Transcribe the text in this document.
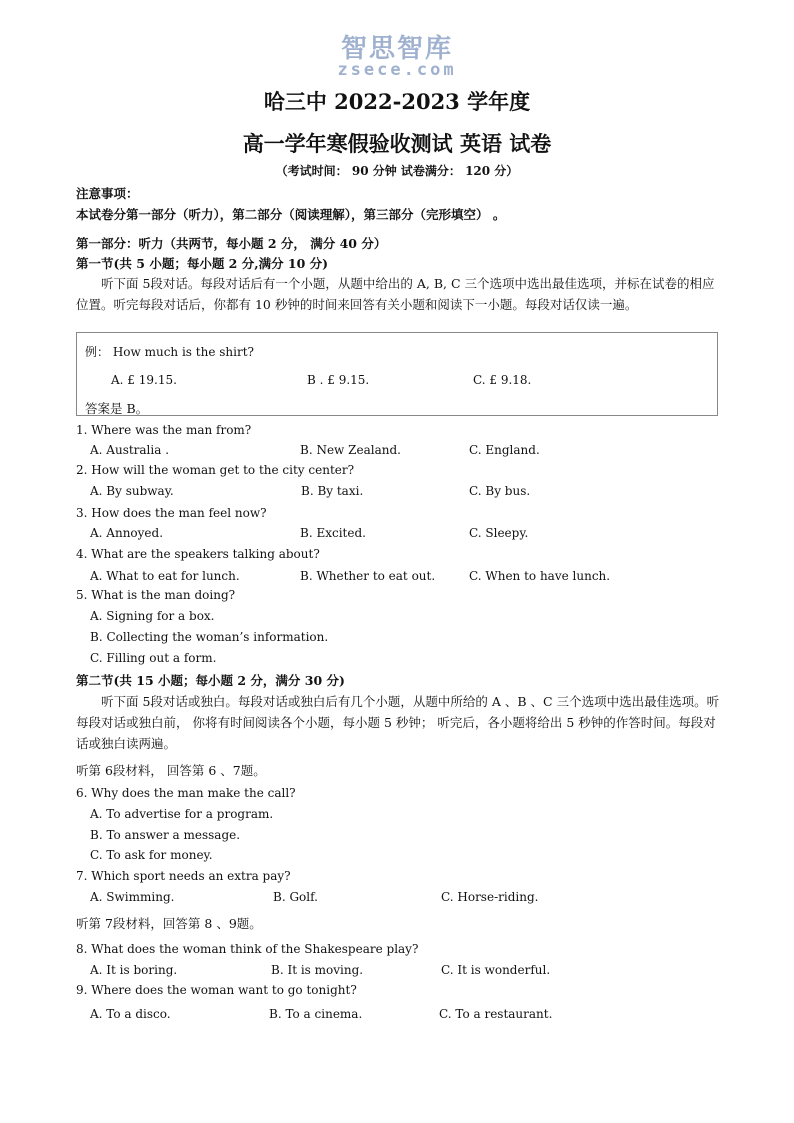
智思智库
zsece.com
哈三中 2022-2023 学年度
高一学年寒假验收测试 英语 试卷
（考试时间： 90 分钟 试卷满分： 120 分）
注意事项：
本试卷分第一部分（听力），第二部分（阅读理解），第三部分（完形填空） 。
第一部分：听力（共两节，每小题 2 分， 满分 40 分）
第一节(共 5 小题；每小题 2 分,满分 10 分)
听下面 5段对话。每段对话后有一个小题，从题中给出的 A, B, C 三个选项中选出最佳选项，并标在试卷的相应位置。听完每段对话后，你都有 10 秒钟的时间来回答有关小题和阅读下一小题。每段对话仅读一遍。
例： How much is the shirt?
A. £ 19.15.	B . £ 9.15.	C. £ 9.18.
答案是 B。
1. Where was the man from?
A. Australia .	B. New Zealand.	C. England.
2. How will the woman get to the city center?
A. By subway.	B. By taxi.	C. By bus.
3. How does the man feel now?
A. Annoyed.	B. Excited.	C. Sleepy.
4. What are the speakers talking about?
A. What to eat for lunch.	B. Whether to eat out.	C. When to have lunch.
5. What is the man doing?
A. Signing for a box.
B. Collecting the woman’s information.
C. Filling out a form.
第二节(共 15 小题；每小题 2 分，满分 30 分)
听下面 5段对话或独白。每段对话或独白后有几个小题，从题中所给的 A 、B 、C 三个选项中选出最佳选项。听每段对话或独白前， 你将有时间阅读各个小题，每小题 5 秒钟； 听完后，各小题将给出 5 秒钟的作答时间。每段对话或独白读两遍。
听第 6段材料， 回答第 6 、7题。
6. Why does the man make the call?
A. To advertise for a program.
B. To answer a message.
C. To ask for money.
7. Which sport needs an extra pay?
A. Swimming.	B. Golf.	C. Horse-riding.
听第 7段材料，回答第 8 、9题。
8. What does the woman think of the Shakespeare play?
A. It is boring.	B. It is moving.	C. It is wonderful.
9. Where does the woman want to go tonight?
A. To a disco.	B. To a cinema.	C. To a restaurant.
